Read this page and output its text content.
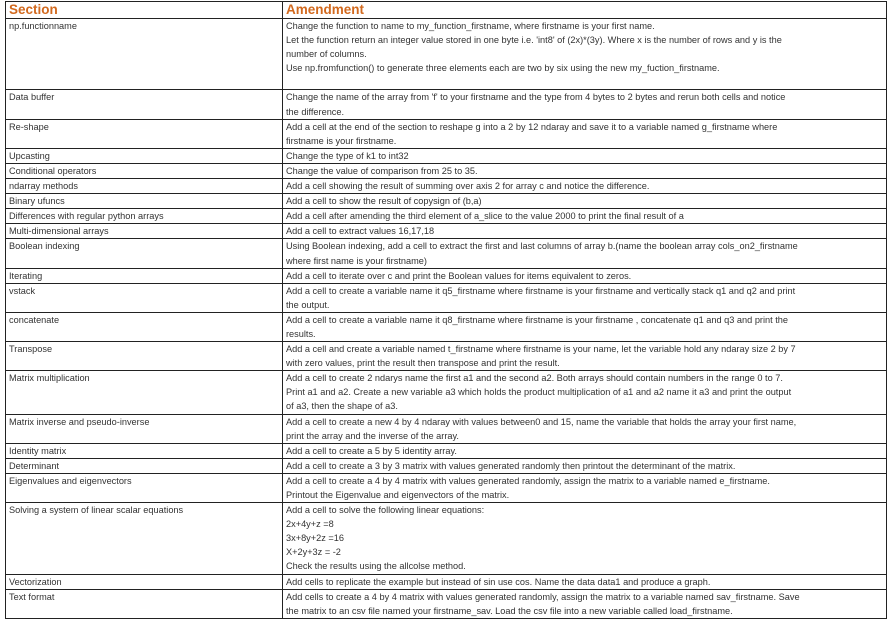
Section	Amendment
np.functionname	Change the function to name to my_function_firstname, where firstname is your first name.
Let the function return an integer value stored in one byte i.e. 'int8' of (2x)*(3y). Where x is the number of rows and y is the
number of columns.
Use np.fromfunction() to generate three elements each are two by six using the new my_fuction_firstname.

Data buffer	Change the name of the array from 'f' to your firstname and the type from 4 bytes to 2 bytes and rerun both cells and notice
the difference.

Re-shape	Add a cell at the end of the section to reshape g into a 2 by 12 ndaray and save it to a variable named g_firstname where
firstname is your firstname.

Upcasting	Change the type of k1 to int32

Conditional operators	Change the value of comparison from 25 to 35.

ndarray methods	Add a cell showing the result of summing over axis 2 for array c and notice the difference.

Binary ufuncs	Add a cell to show the result of copysign of (b,a)

Differences with regular python arrays	Add a cell after amending the third element of a_slice to the value 2000 to print the final result of a

Multi-dimensional arrays	Add a cell to extract values 16,17,18

Boolean indexing	Using Boolean indexing, add a cell to extract the first and last columns of array b.(name the boolean array cols_on2_firstname
where first name is your firstname)

Iterating	Add a cell to iterate over c and print the Boolean values for items equivalent to zeros.

vstack	Add a cell to create a variable name it q5_firstname where firstname is your firstname and vertically stack q1 and q2 and print
the output.

concatenate	Add a cell to create a variable name it q8_firstname where firstname is your firstname , concatenate q1 and q3 and print the
results.

Transpose	Add a cell and create a variable named t_firstname where firstname is your name, let the variable hold any ndaray size 2 by 7
with zero values, print the result then transpose and print the result.

Matrix multiplication	Add a cell to create 2 ndarys name the first a1 and the second a2. Both arrays should contain numbers in the range 0 to 7.
Print a1 and a2. Create a new variable a3 which holds the product multiplication of a1 and a2 name it a3 and print the output
of a3, then the shape of a3.

Matrix inverse and pseudo-inverse	Add a cell to create a new 4 by 4 ndaray with values between0 and 15, name the variable that holds the array your first name,
print the array and the inverse of the array.

Identity matrix	Add a cell to create a 5 by 5 identity array.

Determinant	Add a cell to create a 3 by 3 matrix with values generated randomly then printout the determinant of the matrix.

Eigenvalues and eigenvectors	Add a cell to create a 4 by 4 matrix with values generated randomly, assign the matrix to a variable named e_firstname.
Printout the Eigenvalue and eigenvectors of the matrix.

Solving a system of linear scalar equations	Add a cell to solve the following linear equations:
2x+4y+z =8
3x+8y+2z =16
X+2y+3z = -2
Check the results using the allcolse method.

Vectorization	Add cells to replicate the example but instead of sin use cos. Name the data data1 and produce a graph.

Text format	Add cells to create a 4 by 4 matrix with values generated randomly, assign the matrix to a variable named sav_firstname. Save
the matrix to an csv file named your firstname_sav. Load the csv file into a new variable called load_firstname.
